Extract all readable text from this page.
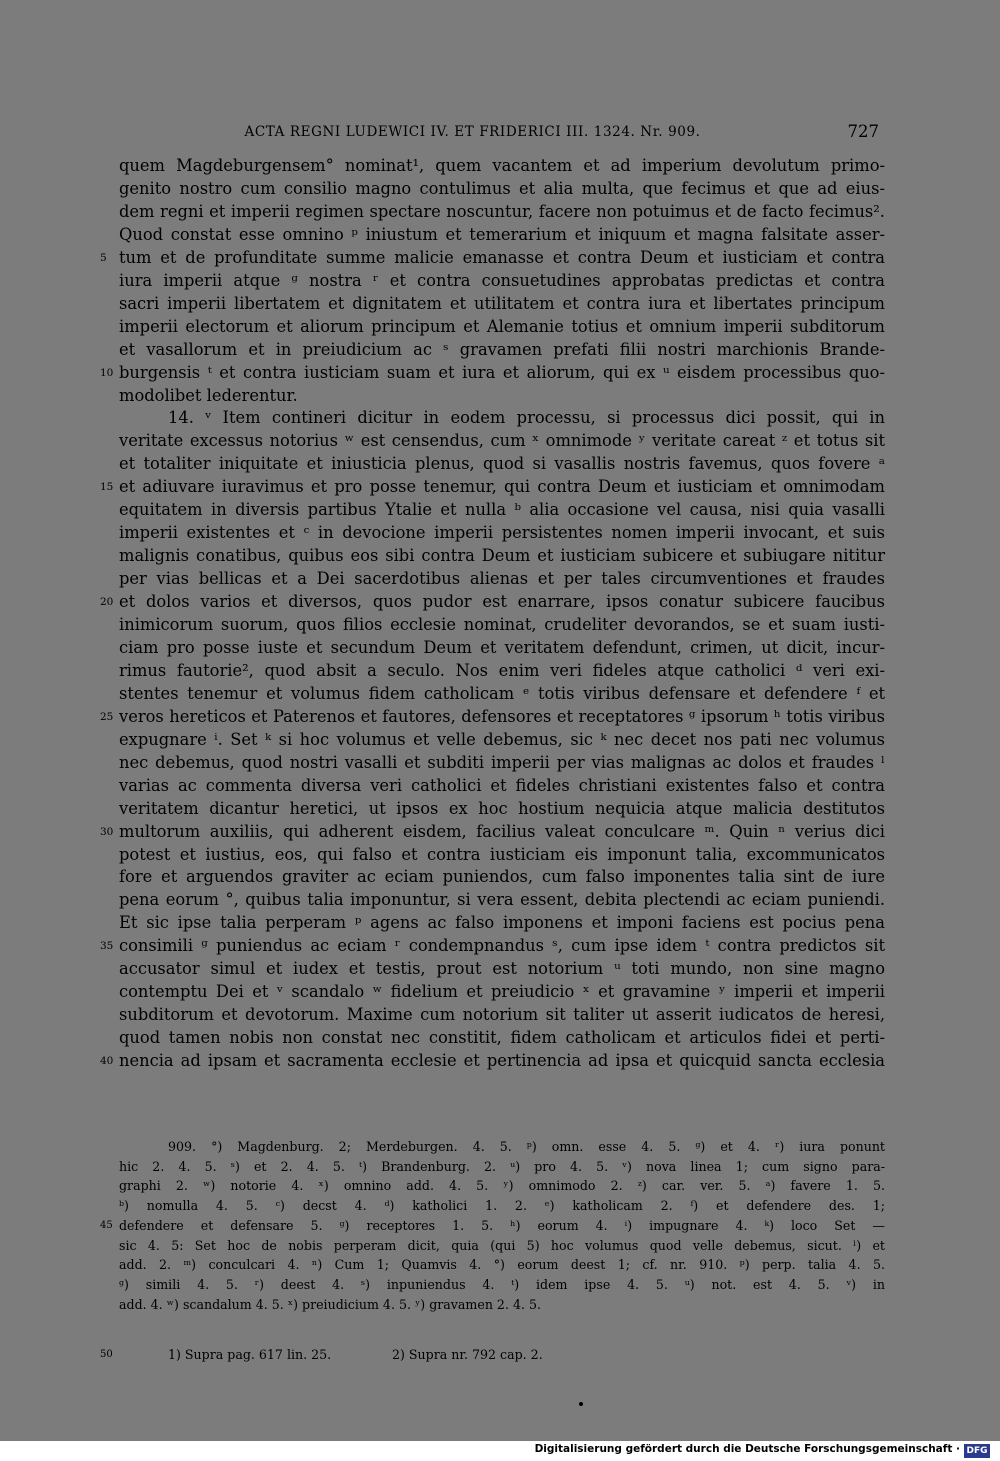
ACTA REGNI LUDEWICI IV. ET FRIDERICI III. 1324. Nr. 909.	727
quem Magdeburgensem° nominat¹, quem vacantem et ad imperium devolutum primo-
genito nostro cum consilio magno contulimus et alia multa, que fecimus et que ad eius-
dem regni et imperii regimen spectare noscuntur, facere non potuimus et de facto fecimus².
Quod constat esse omnino ᵖ iniustum et temerarium et iniquum et magna falsitate asser-
tum et de profunditate summe malicie emanasse et contra Deum et iusticiam et contra
iura imperii atque ᵍ nostra ʳ et contra consuetudines approbatas predictas et contra
sacri imperii libertatem et dignitatem et utilitatem et contra iura et libertates principum
imperii electorum et aliorum principum et Alemanie totius et omnium imperii subditorum
et vasallorum et in preiudicium ac ˢ gravamen prefati filii nostri marchionis Brande-
burgensis ᵗ et contra iusticiam suam et iura et aliorum, qui ex ᵘ eisdem processibus quo-
modolibet lederentur.
14. ᵛ Item contineri dicitur in eodem processu, si processus dici possit, qui in
veritate excessus notorius ʷ est censendus, cum ˣ omnimode ʸ veritate careat ᶻ et totus sit
et totaliter iniquitate et iniusticia plenus, quod si vasallis nostris favemus, quos fovere ᵃ
et adiuvare iuravimus et pro posse tenemur, qui contra Deum et iusticiam et omnimodam
equitatem in diversis partibus Ytalie et nulla ᵇ alia occasione vel causa, nisi quia vasalli
imperii existentes et ᶜ in devocione imperii persistentes nomen imperii invocant, et suis
malignis conatibus, quibus eos sibi contra Deum et iusticiam subicere et subiugare nititur
per vias bellicas et a Dei sacerdotibus alienas et per tales circumventiones et fraudes
et dolos varios et diversos, quos pudor est enarrare, ipsos conatur subicere faucibus
inimicorum suorum, quos filios ecclesie nominat, crudeliter devorandos, se et suam iusti-
ciam pro posse iuste et secundum Deum et veritatem defendunt, crimen, ut dicit, incur-
rimus fautorie², quod absit a seculo. Nos enim veri fideles atque catholici ᵈ veri exi-
stentes tenemur et volumus fidem catholicam ᵉ totis viribus defensare et defendere ᶠ et
veros hereticos et Paterenos et fautores, defensores et receptatores ᵍ ipsorum ʰ totis viribus
expugnare ⁱ. Set ᵏ si hoc volumus et velle debemus, sic ᵏ nec decet nos pati nec volumus
nec debemus, quod nostri vasalli et subditi imperii per vias malignas ac dolos et fraudes ˡ
varias ac commenta diversa veri catholici et fideles christiani existentes falso et contra
veritatem dicantur heretici, ut ipsos ex hoc hostium nequicia atque malicia destitutos
multorum auxiliis, qui adherent eisdem, facilius valeat conculcare ᵐ. Quin ⁿ verius dici
potest et iustius, eos, qui falso et contra iusticiam eis imponunt talia, excommunicatos
fore et arguendos graviter ac eciam puniendos, cum falso imponentes talia sint de iure
pena eorum °, quibus talia imponuntur, si vera essent, debita plectendi ac eciam puniendi.
Et sic ipse talia perperam ᵖ agens ac falso imponens et imponi faciens est pocius pena
consimili ᵍ puniendus ac eciam ʳ condempnandus ˢ, cum ipse idem ᵗ contra predictos sit
accusator simul et iudex et testis, prout est notorium ᵘ toti mundo, non sine magno
contemptu Dei et ᵛ scandalo ʷ fidelium et preiudicio ˣ et gravamine ʸ imperii et imperii
subditorum et devotorum. Maxime cum notorium sit taliter ut asserit iudicatos de heresi,
quod tamen nobis non constat nec constitit, fidem catholicam et articulos fidei et perti-
nencia ad ipsam et sacramenta ecclesie et pertinencia ad ipsa et quicquid sancta ecclesia
5
10
15
20
25
30
35
40
909. °) Magdenburg. 2; Merdeburgen. 4. 5. ᵖ) omn. esse 4. 5. ᵍ) et 4. ʳ) iura ponunt
hic 2. 4. 5. ˢ) et 2. 4. 5. ᵗ) Brandenburg. 2. ᵘ) pro 4. 5. ᵛ) nova linea 1; cum signo para-
graphi 2. ʷ) notorie 4. ˣ) omnino add. 4. 5. ʸ) omnimodo 2. ᶻ) car. ver. 5. ᵃ) favere 1. 5.
ᵇ) nomulla 4. 5. ᶜ) decst 4. ᵈ) katholici 1. 2. ᵉ) katholicam 2. ᶠ) et defendere des. 1;
defendere et defensare 5. ᵍ) receptores 1. 5. ʰ) eorum 4. ⁱ) impugnare 4. ᵏ) loco Set —
sic 4. 5: Set hoc de nobis perperam dicit, quia (qui 5) hoc volumus quod velle debemus, sicut. ˡ) et
add. 2. ᵐ) conculcari 4. ⁿ) Cum 1; Quamvis 4. °) eorum deest 1; cf. nr. 910. ᵖ) perp. talia 4. 5.
ᵍ) simili 4. 5. ʳ) deest 4. ˢ) inpuniendus 4. ᵗ) idem ipse 4. 5. ᵘ) not. est 4. 5. ᵛ) in
add. 4. ʷ) scandalum 4. 5. ˣ) preiudicium 4. 5. ʸ) gravamen 2. 4. 5.
45
50	1) Supra pag. 617 lin. 25.	2) Supra nr. 792 cap. 2.
Digitalisierung gefördert durch die Deutsche Forschungsgemeinschaft · DFG
